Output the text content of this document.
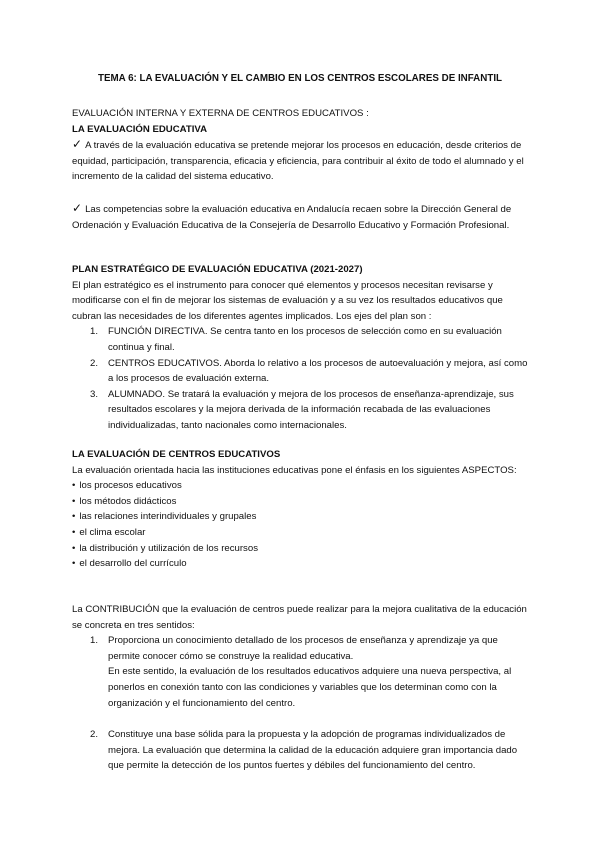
TEMA 6: LA EVALUACIÓN Y EL CAMBIO EN LOS CENTROS ESCOLARES DE INFANTIL

EVALUACIÓN INTERNA Y EXTERNA DE CENTROS EDUCATIVOS :

LA EVALUACIÓN EDUCATIVA

✓ A través de la evaluación educativa se pretende mejorar los procesos en educación, desde criterios de equidad, participación, transparencia, eficacia y eficiencia, para contribuir al éxito de todo el alumnado y el incremento de la calidad del sistema educativo.

✓ Las competencias sobre la evaluación educativa en Andalucía recaen sobre la Dirección General de Ordenación y Evaluación Educativa de la Consejería de Desarrollo Educativo y Formación Profesional.

PLAN ESTRATÉGICO DE EVALUACIÓN EDUCATIVA (2021-2027)

El plan estratégico es el instrumento para conocer qué elementos y procesos necesitan revisarse y modificarse con el fin de mejorar los sistemas de evaluación y a su vez los resultados educativos que cubran las necesidades de los diferentes agentes implicados. Los ejes del plan son :

1. FUNCIÓN DIRECTIVA. Se centra tanto en los procesos de selección como en su evaluación continua y final.
2. CENTROS EDUCATIVOS. Aborda lo relativo a los procesos de autoevaluación y mejora, así como a los procesos de evaluación externa.
3. ALUMNADO. Se tratará la evaluación y mejora de los procesos de enseñanza-aprendizaje, sus resultados escolares y la mejora derivada de la información recabada de las evaluaciones individualizadas, tanto nacionales como internacionales.

LA EVALUACIÓN DE CENTROS EDUCATIVOS

La evaluación orientada hacia las instituciones educativas pone el énfasis en los siguientes ASPECTOS:

• los procesos educativos
• los métodos didácticos
• las relaciones interindividuales y grupales
• el clima escolar
• la distribución y utilización de los recursos
• el desarrollo del currículo

La CONTRIBUCIÓN que la evaluación de centros puede realizar para la mejora cualitativa de la educación se concreta en tres sentidos:

1. Proporciona un conocimiento detallado de los procesos de enseñanza y aprendizaje ya que permite conocer cómo se construye la realidad educativa.

En este sentido, la evaluación de los resultados educativos adquiere una nueva perspectiva, al ponerlos en conexión tanto con las condiciones y variables que los determinan como con la organización y el funcionamiento del centro.

2. Constituye una base sólida para la propuesta y la adopción de programas individualizados de mejora. La evaluación que determina la calidad de la educación adquiere gran importancia dado que permite la detección de los puntos fuertes y débiles del funcionamiento del centro.
